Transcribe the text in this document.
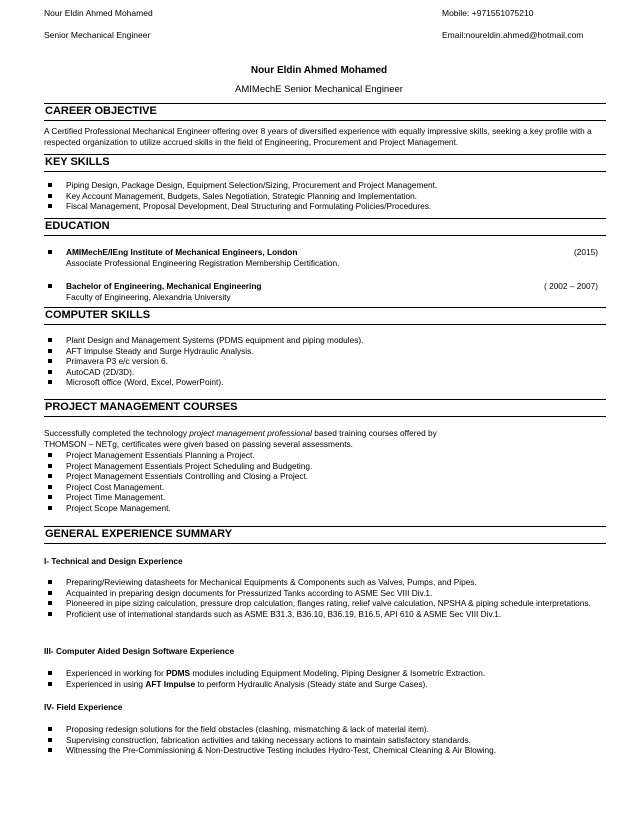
Nour Eldin Ahmed Mohamed	Mobile: +971551075210
Senior Mechanical Engineer	Email:noureldin.ahmed@hotmail.com
Nour Eldin Ahmed Mohamed
AMIMechE Senior Mechanical Engineer
CAREER OBJECTIVE
A Certified Professional Mechanical Engineer offering over 8 years of diversified experience with equally impressive skills, seeking a key profile with a respected organization to utilize accrued skills in the field of Engineering, Procurement and Project Management.
KEY SKILLS
Piping Design, Package Design, Equipment Selection/Sizing, Procurement and Project Management.
Key Account Management, Budgets, Sales Negotiation, Strategic Planning and Implementation.
Fiscal Management, Proposal Development, Deal Structuring and Formulating Policies/Procedures.
EDUCATION
AMIMechE/IEng Institute of Mechanical Engineers, London	(2015)
Associate Professional Engineering Registration Membership Certification.
Bachelor of Engineering, Mechanical Engineering	( 2002 – 2007)
Faculty of Engineering, Alexandria University
COMPUTER SKILLS
Plant Design and Management Systems (PDMS equipment and piping modules).
AFT Impulse Steady and Surge Hydraulic Analysis.
Primavera P3 e/c version 6.
AutoCAD (2D/3D).
Microsoft office (Word, Excel, PowerPoint).
PROJECT MANAGEMENT COURSES
Successfully completed the technology project management professional based training courses offered by
THOMSON – NETg, certificates were given based on passing several assessments.
Project Management Essentials Planning a Project.
Project Management Essentials Project Scheduling and Budgeting.
Project Management Essentials Controlling and Closing a Project.
Project Cost Management.
Project Time Management.
Project Scope Management.
GENERAL EXPERIENCE SUMMARY
I- Technical and Design Experience
Preparing/Reviewing datasheets for Mechanical Equipments & Components such as Valves, Pumps, and Pipes.
Acquainted in preparing design documents for Pressurized Tanks according to ASME Sec VIII Div.1.
Pioneered in pipe sizing calculation, pressure drop calculation, flanges rating, relief valve calculation, NPSHA & piping schedule interpretations.
Proficient use of international standards such as ASME B31.3, B36.10, B36.19, B16.5, API 610 & ASME Sec VIII Div.1.
III- Computer Aided Design Software Experience
Experienced in working for PDMS modules including Equipment Modeling, Piping Designer & Isometric Extraction.
Experienced in using AFT Impulse to perform Hydraulic Analysis (Steady state and Surge Cases).
IV- Field Experience
Proposing redesign solutions for the field obstacles (clashing, mismatching & lack of material item).
Supervising construction, fabrication activities and taking necessary actions to maintain satisfactory standards.
Witnessing the Pre-Commissioning & Non-Destructive Testing includes Hydro-Test, Chemical Cleaning & Air Blowing.
